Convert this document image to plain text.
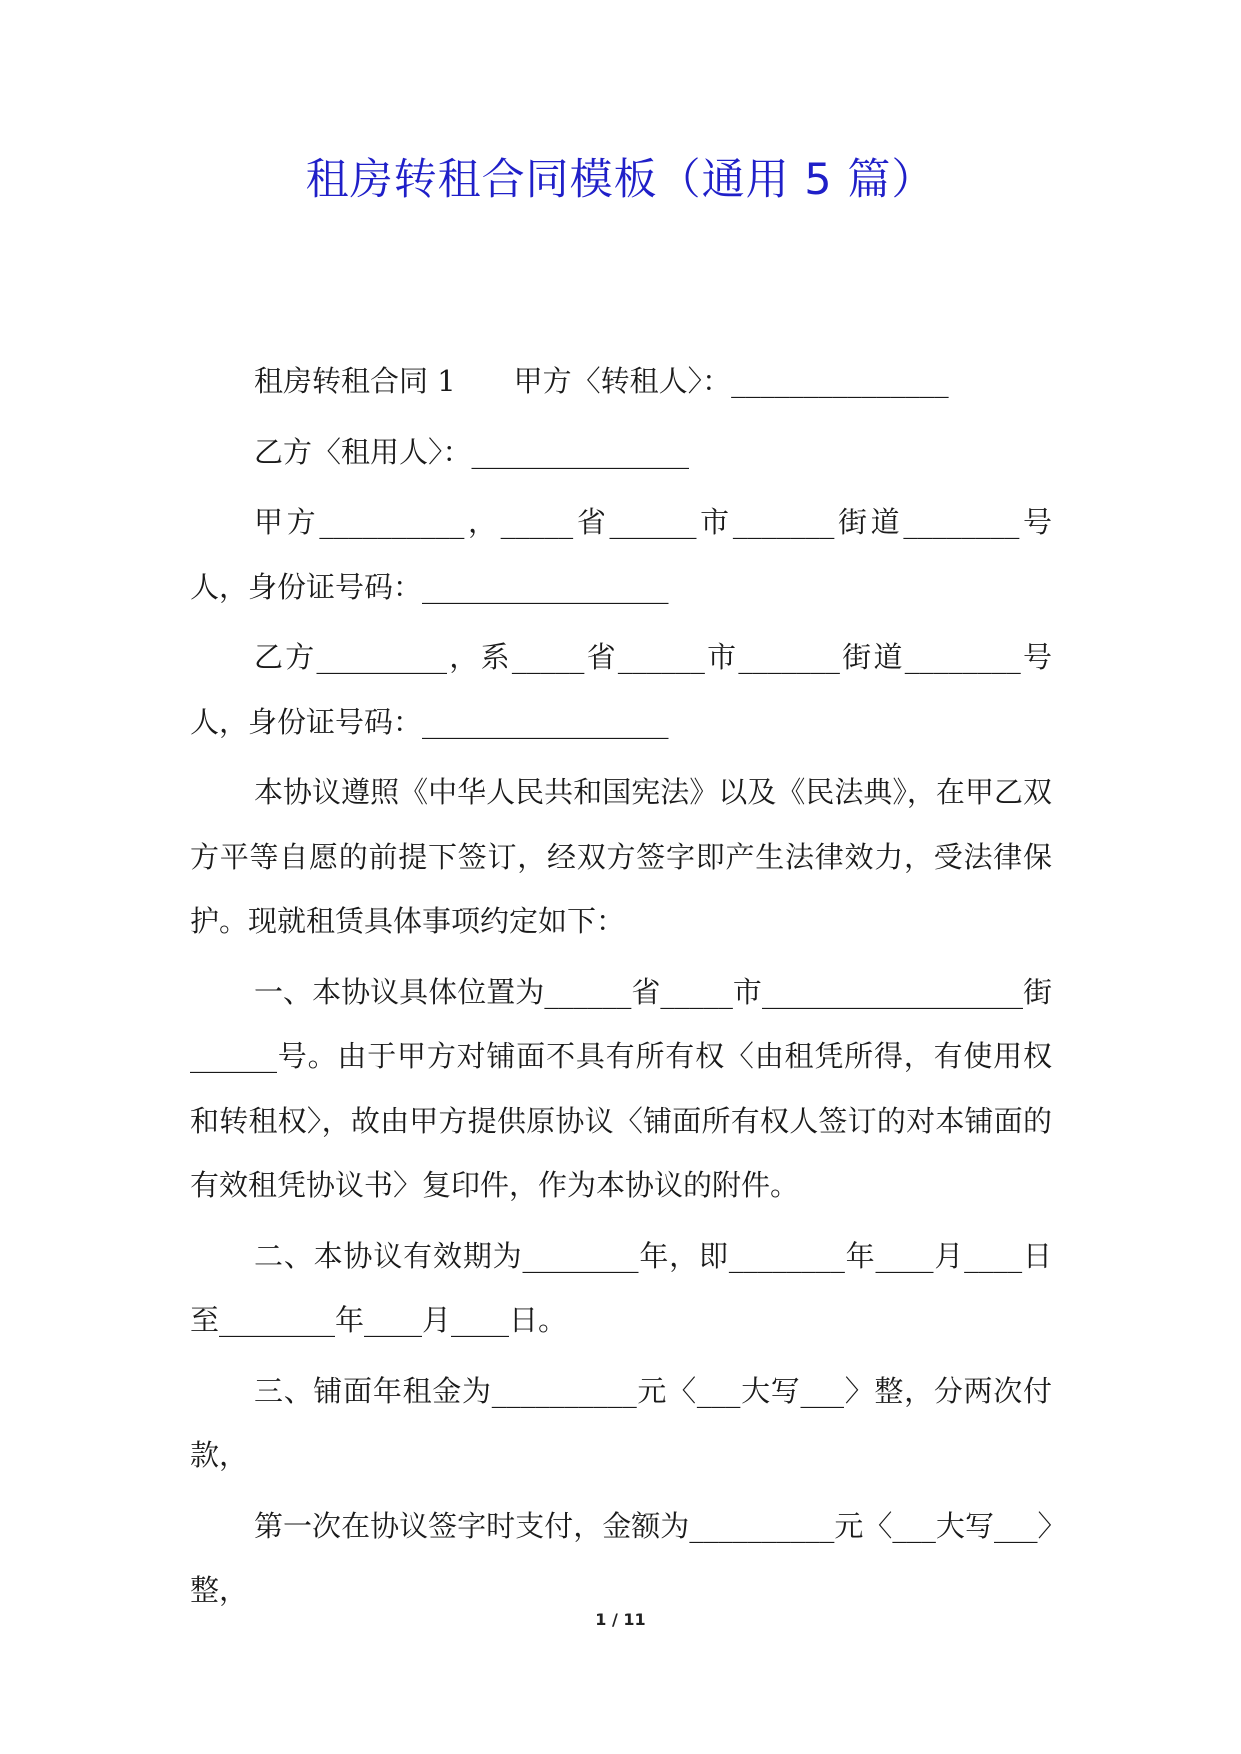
租房转租合同模板（通用 5 篇）

租房转租合同 1　　甲方〈转租人〉：_______________

乙方〈租用人〉：_______________

甲方__________，_____省______市_______街道________号人，身份证号码：_________________

乙方_________，系_____省______市_______街道________号人，身份证号码：_________________

本协议遵照《中华人民共和国宪法》以及《民法典》，在甲乙双方平等自愿的前提下签订，经双方签字即产生法律效力，受法律保护。现就租赁具体事项约定如下：

一、本协议具体位置为______省_____市__________________街______号。由于甲方对铺面不具有所有权〈由租凭所得，有使用权和转租权〉，故由甲方提供原协议〈铺面所有权人签订的对本铺面的有效租凭协议书〉复印件，作为本协议的附件。

二、本协议有效期为________年，即________年____月____日至________年____月____日。

三、铺面年租金为__________元〈___大写___〉整，分两次付款，

第一次在协议签字时支付，金额为__________元〈___大写___〉整，

1 / 11
